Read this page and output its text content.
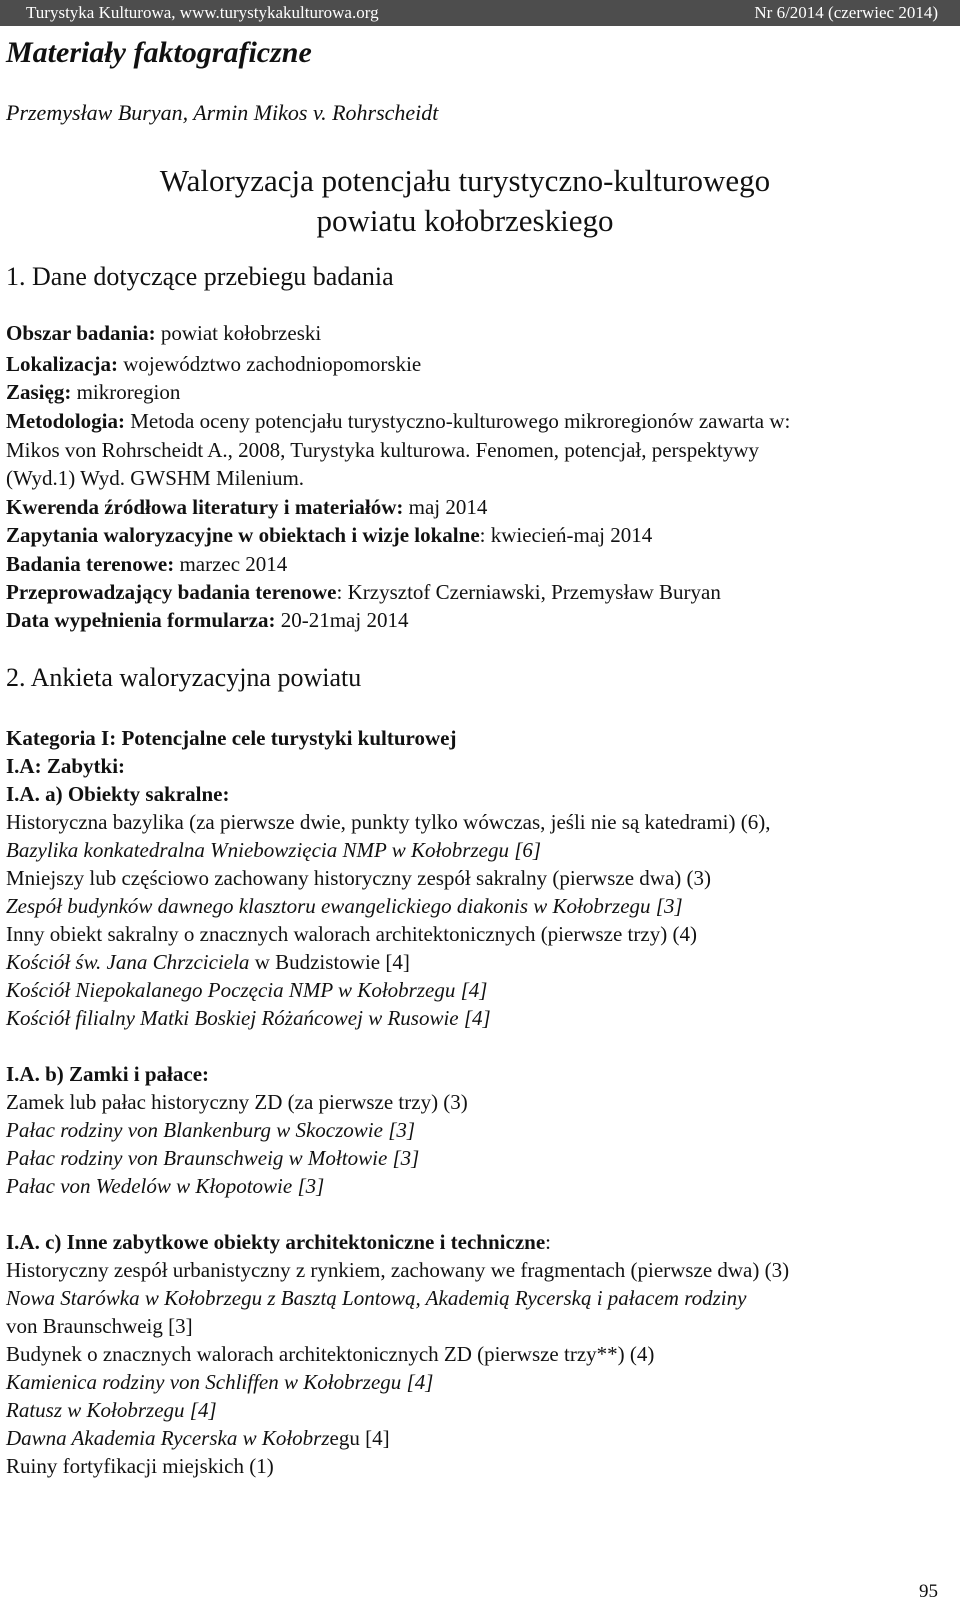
Turystyka Kulturowa, www.turystykakulturowa.org	Nr 6/2014 (czerwiec 2014)
Materiały faktograficzne
Przemysław Buryan, Armin Mikos v. Rohrscheidt
Waloryzacja potencjału turystyczno-kulturowego
powiatu kołobrzeskiego
1. Dane dotyczące przebiegu badania
Obszar badania: powiat kołobrzeski
Lokalizacja: województwo zachodniopomorskie
Zasięg: mikroregion
Metodologia: Metoda oceny potencjału turystyczno-kulturowego mikroregionów zawarta w:
Mikos von Rohrscheidt A., 2008, Turystyka kulturowa. Fenomen, potencjał, perspektywy
(Wyd.1) Wyd. GWSHM Milenium.
Kwerenda źródłowa literatury i materiałów: maj 2014
Zapytania waloryzacyjne w obiektach i wizje lokalne: kwiecień-maj 2014
Badania terenowe: marzec 2014
Przeprowadzający badania terenowe: Krzysztof Czerniawski, Przemysław Buryan
Data wypełnienia formularza: 20-21maj 2014
2. Ankieta waloryzacyjna powiatu
Kategoria I: Potencjalne cele turystyki kulturowej
I.A: Zabytki:
I.A. a) Obiekty sakralne:
Historyczna bazylika (za pierwsze dwie, punkty tylko wówczas, jeśli nie są katedrami) (6),
Bazylika konkatedralna Wniebowzięcia NMP w Kołobrzegu [6]
Mniejszy lub częściowo zachowany historyczny zespół sakralny (pierwsze dwa) (3)
Zespół budynków dawnego klasztoru ewangelickiego diakonis w Kołobrzegu [3]
Inny obiekt sakralny o znacznych walorach architektonicznych (pierwsze trzy) (4)
Kościół św. Jana Chrzciciela w Budzistowie [4]
Kościół Niepokalanego Poczęcia NMP w Kołobrzegu [4]
Kościół filialny Matki Boskiej Różańcowej w Rusowie [4]
I.A. b) Zamki i pałace:
Zamek lub pałac historyczny ZD (za pierwsze trzy) (3)
Pałac rodziny von Blankenburg w Skoczowie [3]
Pałac rodziny von Braunschweig w Mołtowie [3]
Pałac von Wedelów w Kłopotowie [3]
I.A. c) Inne zabytkowe obiekty architektoniczne i techniczne:
Historyczny zespół urbanistyczny z rynkiem, zachowany we fragmentach (pierwsze dwa) (3)
Nowa Starówka w Kołobrzegu z Basztą Lontową, Akademią Rycerską i pałacem rodziny
von Braunschweig [3]
Budynek o znacznych walorach architektonicznych ZD (pierwsze trzy**) (4)
Kamienica rodziny von Schliffen w Kołobrzegu [4]
Ratusz w Kołobrzegu [4]
Dawna Akademia Rycerska w Kołobrzegu [4]
Ruiny fortyfikacji miejskich (1)
95
